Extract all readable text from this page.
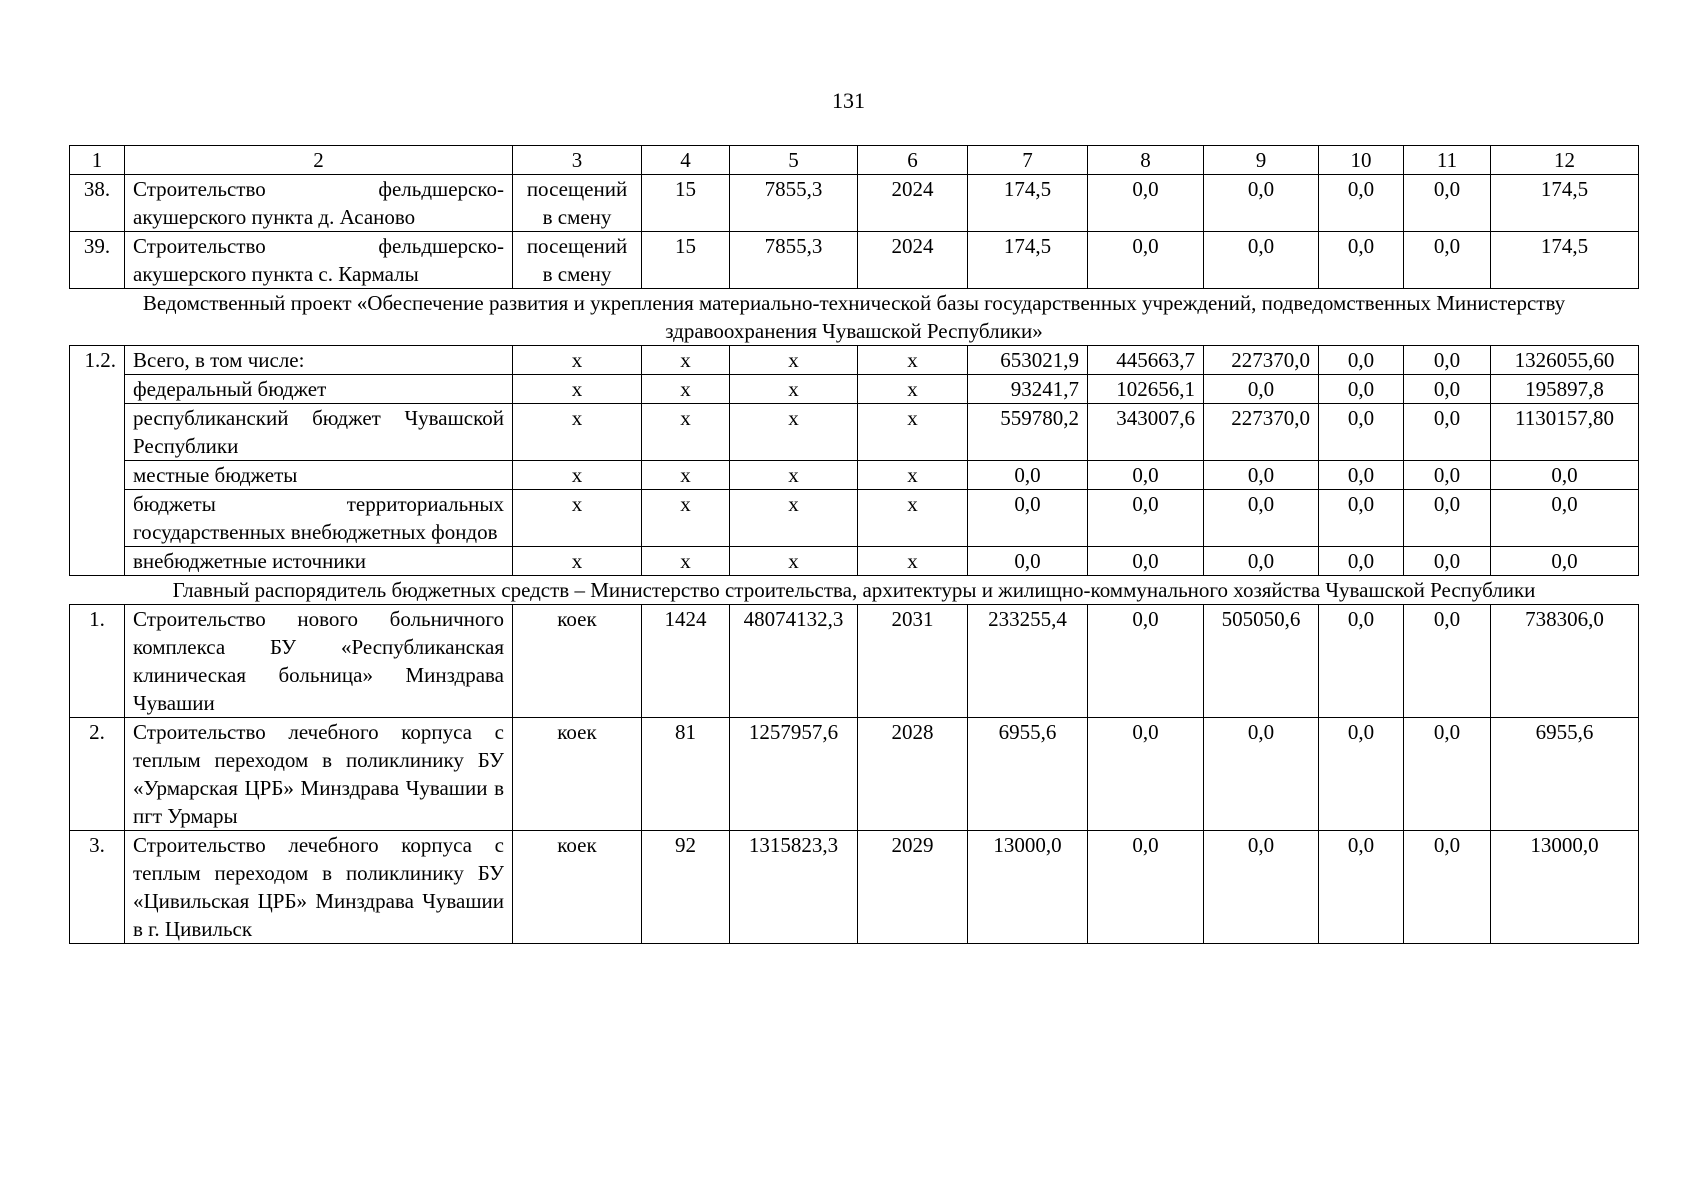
131
1	2	3	4	5	6	7	8	9	10	11	12
38.	Строительство фельдшерско-акушерского пункта д. Асаново	посещений в смену	15	7855,3	2024	174,5	0,0	0,0	0,0	0,0	174,5
39.	Строительство фельдшерско-акушерского пункта с. Кармалы	посещений в смену	15	7855,3	2024	174,5	0,0	0,0	0,0	0,0	174,5
Ведомственный проект «Обеспечение развития и укрепления материально-технической базы государственных учреждений, подведомственных Министерству здравоохранения Чувашской Республики»											
1.2.	Всего, в том числе:	х	х	х	х	653021,9	445663,7	227370,0	0,0	0,0	1326055,60
	федеральный бюджет	х	х	х	х	93241,7	102656,1	0,0	0,0	0,0	195897,8
	республиканский бюджет Чувашской Республики	х	х	х	х	559780,2	343007,6	227370,0	0,0	0,0	1130157,80
	местные бюджеты	х	х	х	х	0,0	0,0	0,0	0,0	0,0	0,0
	бюджеты территориальных государственных внебюджетных фондов	х	х	х	х	0,0	0,0	0,0	0,0	0,0	0,0
	внебюджетные источники	х	х	х	х	0,0	0,0	0,0	0,0	0,0	0,0
Главный распорядитель бюджетных средств – Министерство строительства, архитектуры и жилищно-коммунального хозяйства Чувашской Республики											
1.	Строительство нового больничного комплекса БУ «Республиканская клиническая больница» Минздрава Чувашии	коек	1424	48074132,3	2031	233255,4	0,0	505050,6	0,0	0,0	738306,0
2.	Строительство лечебного корпуса с теплым переходом в поликлинику БУ «Урмарская ЦРБ» Минздрава Чувашии в пгт Урмары	коек	81	1257957,6	2028	6955,6	0,0	0,0	0,0	0,0	6955,6
3.	Строительство лечебного корпуса с теплым переходом в поликлинику БУ «Цивильская ЦРБ» Минздрава Чувашии в г. Цивильск	коек	92	1315823,3	2029	13000,0	0,0	0,0	0,0	0,0	13000,0
